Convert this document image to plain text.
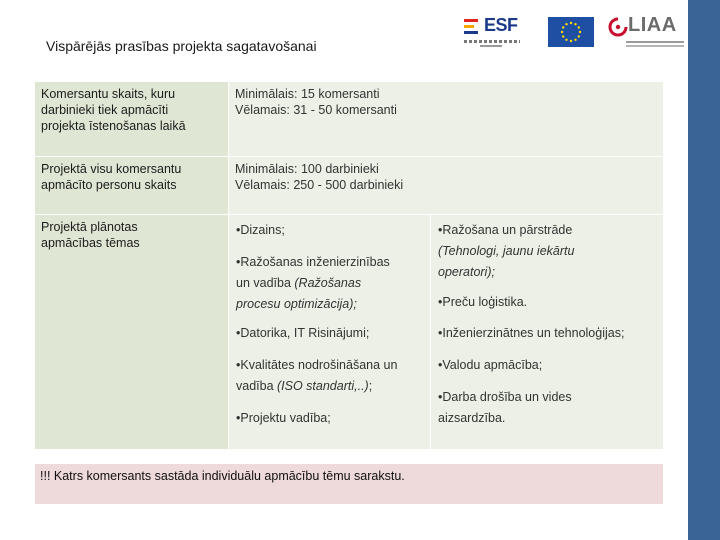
Vispārējās prasības projekta sagatavošanai
ESF	LIAA
Komersantu skaits, kuru
darbinieki tiek apmācīti
projekta īstenošanas laikā
Minimālais: 15 komersanti
Vēlamais: 31 - 50 komersanti
Projektā visu komersantu
apmācīto personu skaits
Minimālais: 100 darbinieki
Vēlamais: 250 - 500 darbinieki
Projektā plānotas
apmācības tēmas
•Dizains;
•Ražošanas inženierzinības
un vadība (Ražošanas
procesu optimizācija);
•Datorika, IT Risinājumi;
•Kvalitātes nodrošināšana un
vadība (ISO standarti,..);
•Projektu vadība;
•Ražošana un pārstrāde
(Tehnologi, jaunu iekārtu
operatori);
•Preču loģistika.
•Inženierzinātnes un tehnoloģijas;
•Valodu apmācība;
•Darba drošība un vides
aizsardzība.
!!! Katrs komersants sastāda individuālu apmācību tēmu sarakstu.
